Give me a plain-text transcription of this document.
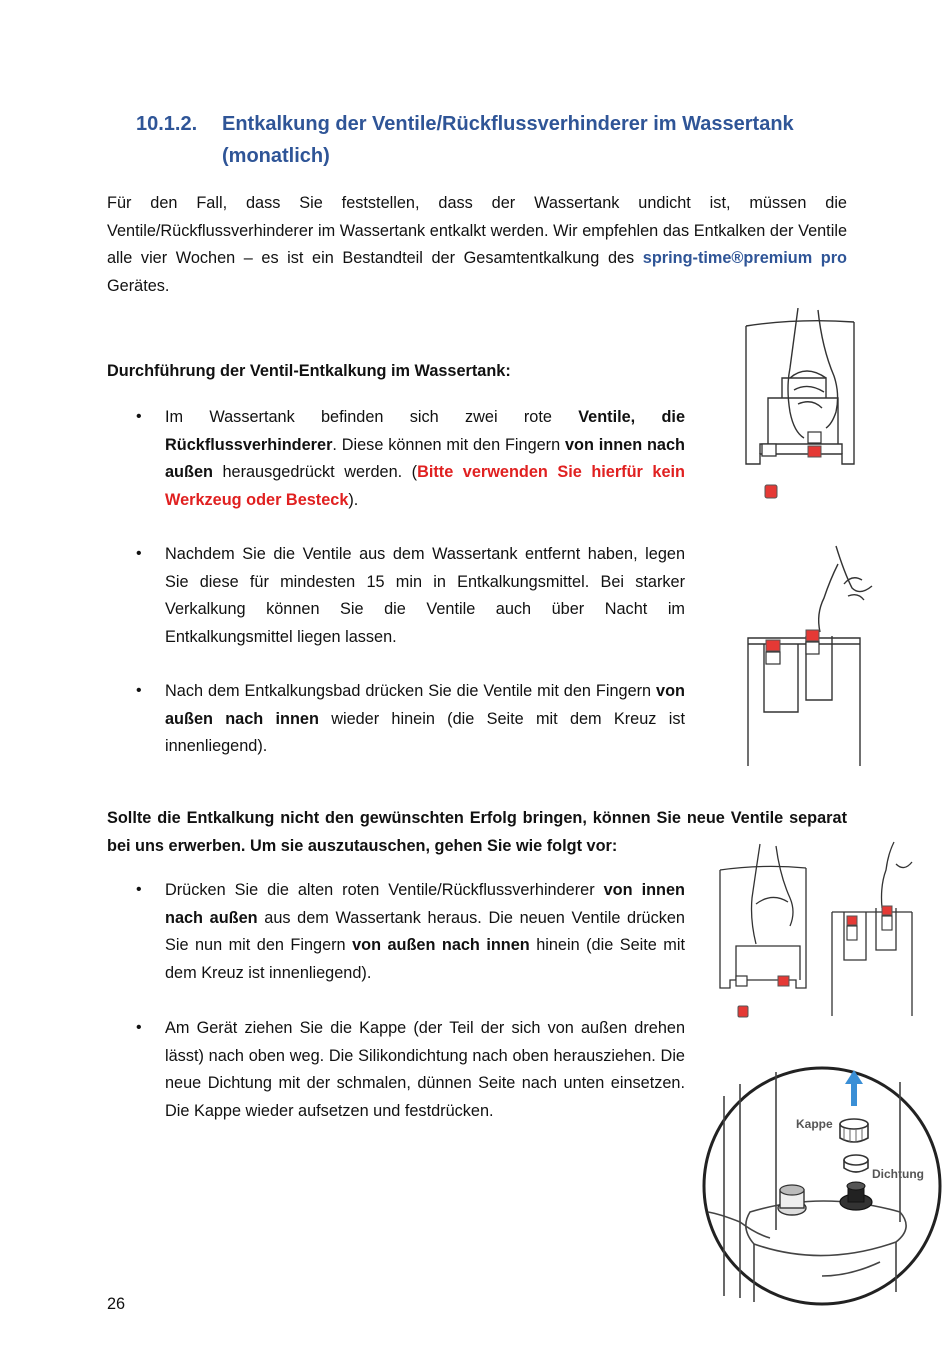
10.1.2. Entkalkung der Ventile/Rückflussverhinderer im Wassertank (monatlich)
Für den Fall, dass Sie feststellen, dass der Wassertank undicht ist, müssen die Ventile/Rückflussverhinderer im Wassertank entkalkt werden. Wir empfehlen das Entkalken der Ventile alle vier Wochen – es ist ein Bestandteil der Gesamtentkalkung des spring-time®premium pro Gerätes.
Durchführung der Ventil-Entkalkung im Wassertank:
• Im Wassertank befinden sich zwei rote Ventile, die Rückflussverhinderer. Diese können mit den Fingern von innen nach außen herausgedrückt werden. (Bitte verwenden Sie hierfür kein Werkzeug oder Besteck).
• Nachdem Sie die Ventile aus dem Wassertank entfernt haben, legen Sie diese für mindesten 15 min in Entkalkungsmittel. Bei starker Verkalkung können Sie die Ventile auch über Nacht im Entkalkungsmittel liegen lassen.
• Nach dem Entkalkungsbad drücken Sie die Ventile mit den Fingern von außen nach innen wieder hinein (die Seite mit dem Kreuz ist innenliegend).
Sollte die Entkalkung nicht den gewünschten Erfolg bringen, können Sie neue Ventile separat bei uns erwerben. Um sie auszutauschen, gehen Sie wie folgt vor:
• Drücken Sie die alten roten Ventile/Rückflussverhinderer von innen nach außen aus dem Wassertank heraus. Die neuen Ventile drücken Sie nun mit den Fingern von außen nach innen hinein (die Seite mit dem Kreuz ist innenliegend).
• Am Gerät ziehen Sie die Kappe (der Teil der sich von außen drehen lässt) nach oben weg. Die Silikondichtung nach oben herausziehen. Die neue Dichtung mit der schmalen, dünnen Seite nach unten einsetzen. Die Kappe wieder aufsetzen und festdrücken.
26
Kappe
Dichtung
